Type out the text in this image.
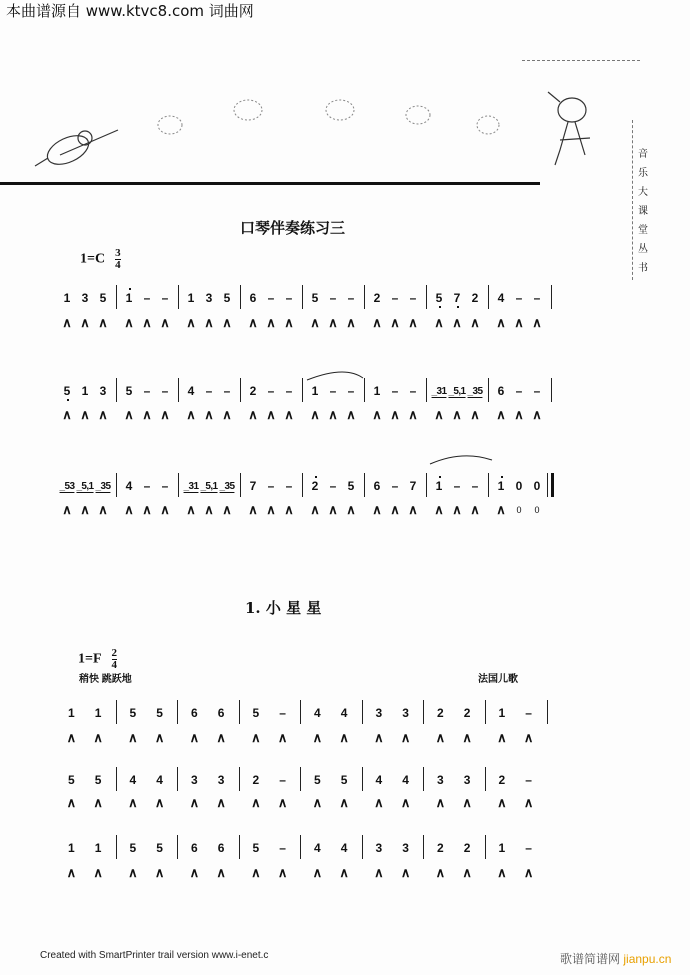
本曲谱源自 www.ktvc8.com 词曲网
音
乐
大
课
堂
丛
书
口琴伴奏练习三
$1=C \frac{3}{4}$
1 3 5	1 – –	1 3 5	6 – –	5 – –	2 – –	5 7 2	4 – –
5 1 3	5 – –	4 – –	2 – –	1 – –	1 – –	_31 _5,1 _35	6 – –
_53 _5,1 _35	4 – –	_31 _5,1 _35	7 – –	2 – 5	6 – 7	1 – –	1 0 0
∧ ∧ ∧	∧ ∧ ∧	∧ ∧ ∧	∧ ∧ ∧	∧ ∧ ∧	∧ ∧ ∧	∧ ∧ ∧	∧ ∧ ∧
∧ ∧ ∧	∧ ∧ ∧	∧ ∧ ∧	∧ ∧ ∧	∧ ∧ ∧	∧ ∧ ∧	∧ ∧ ∧	∧ ∧ ∧
∧ ∧ ∧	∧ ∧ ∧	∧ ∧ ∧	∧ ∧ ∧	∧ ∧ ∧	∧ ∧ ∧	∧ ∧ ∧	∧	0	0
1. 小 星 星
$1=F \frac{2}{4}$
稍快 跳跃地	法国儿歌
1	1	5	5	6	6	5	–	4	4	3	3	2	2	1	–
5	5	4	4	3	3	2	–	5	5	4	4	3	3	2	–
1	1	5	5	6	6	5	–	4	4	3	3	2	2	1	–
∧	∧	∧	∧	∧	∧	∧	∧	∧	∧	∧	∧	∧	∧	∧	∧
∧	∧	∧	∧	∧	∧	∧	∧	∧	∧	∧	∧	∧	∧	∧	∧
∧	∧	∧	∧	∧	∧	∧	∧	∧	∧	∧	∧	∧	∧	∧	∧
Created with SmartPrinter trail version www.i-enet.c	歌谱简谱网 jianpu.cn
